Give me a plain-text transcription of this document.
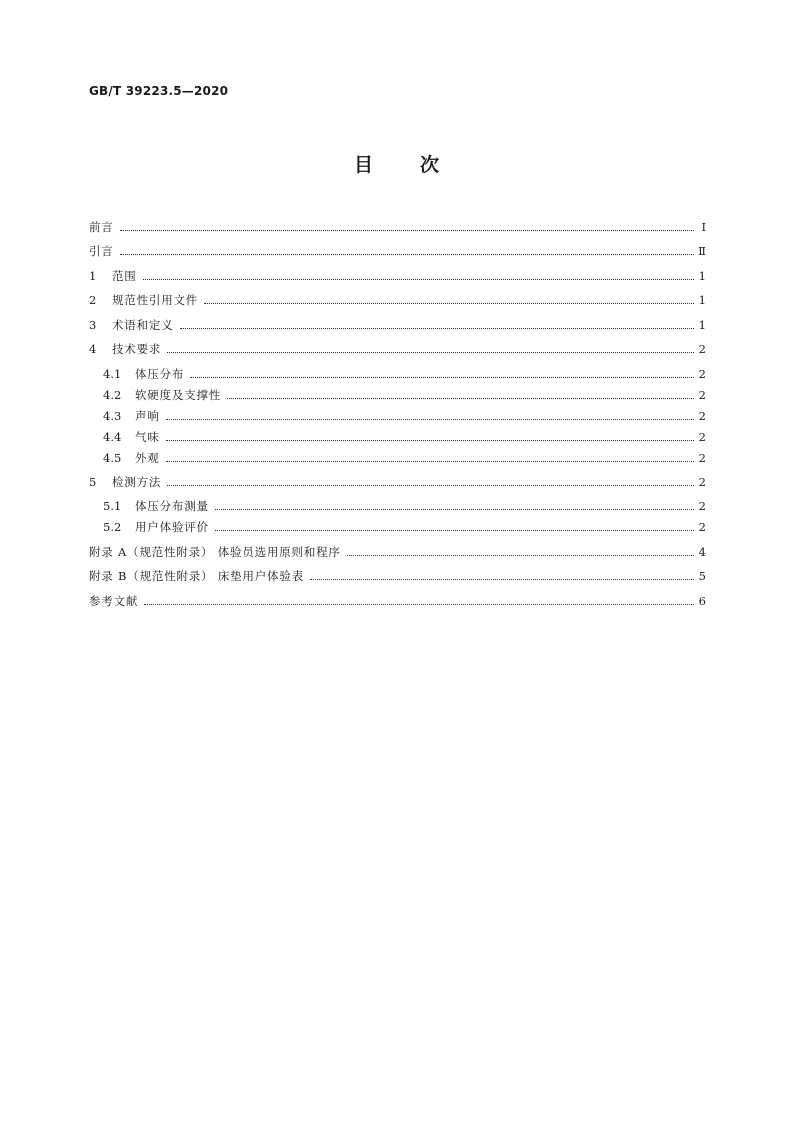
GB/T 39223.5—2020
目 次
前言	Ⅰ
引言	Ⅱ
1	范围	1
2	规范性引用文件	1
3	术语和定义	1
4	技术要求	2
4.1	体压分布	2
4.2	软硬度及支撑性	2
4.3	声响	2
4.4	气味	2
4.5	外观	2
5	检测方法	2
5.1	体压分布测量	2
5.2	用户体验评价	2
附录 A（规范性附录） 体验员选用原则和程序	4
附录 B（规范性附录） 床垫用户体验表	5
参考文献	6
